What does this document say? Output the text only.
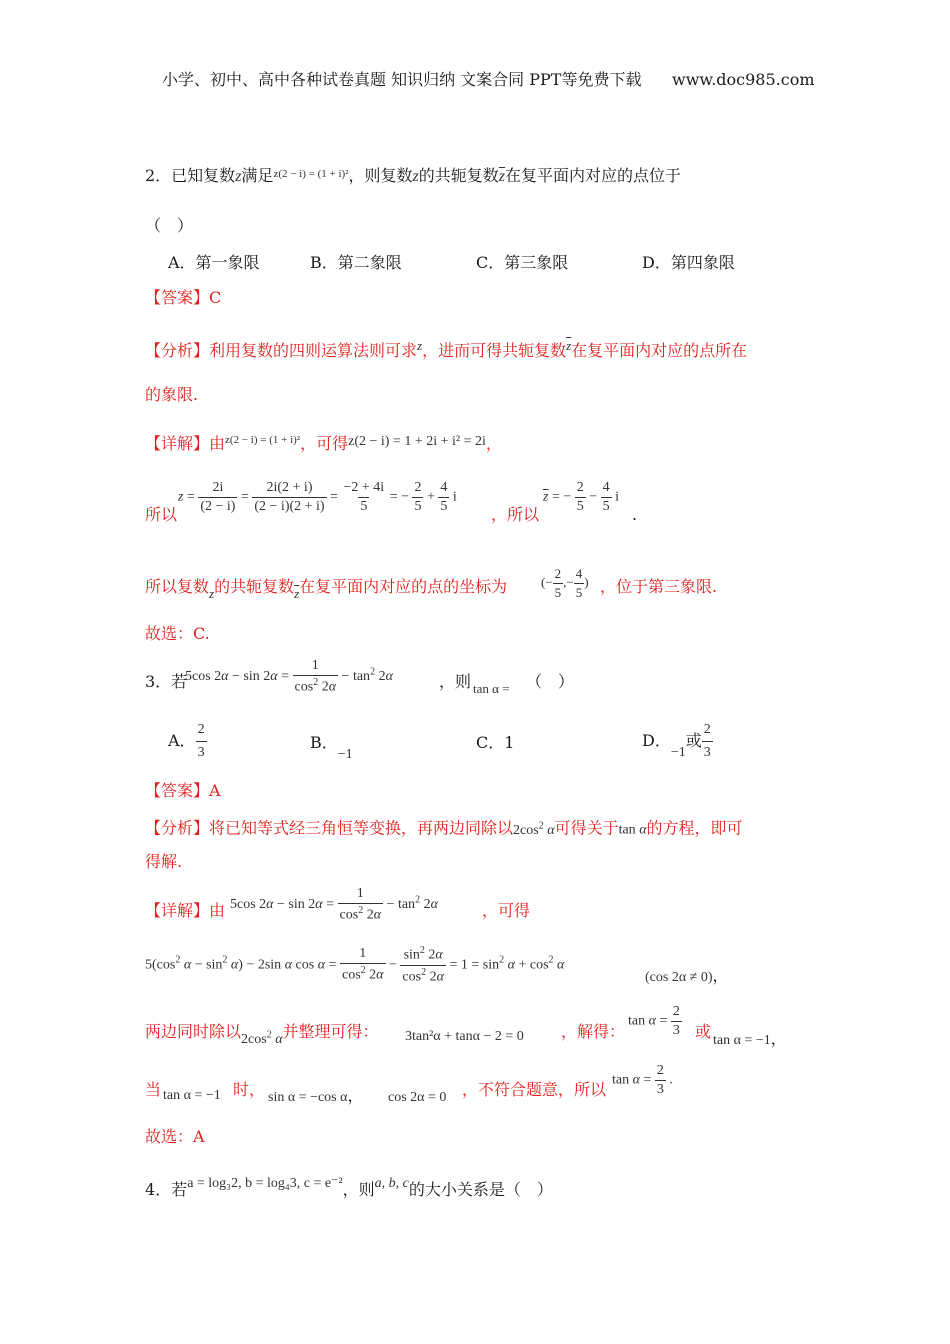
小学、初中、高中各种试卷真题 知识归纳 文案合同 PPT等免费下载 www.doc985.com
2．已知复数z满足$^{z(2 - i) = (1 + i)^2}$，则复数z的共轭复数$\overline{z}$在复平面内对应的点位于
（　）
A．第一象限	B．第二象限	C．第三象限	D．第四象限
【答案】C
【分析】利用复数的四则运算法则可求$^z$，进而可得共轭复数$^{\overline{z}}$在复平面内对应的点所在
的象限.
【详解】由$^{z(2 - i) = (1 + i)^2}$，可得z(2 − i) = 1 + 2i + i² = 2i，
所以
$z = \frac{2i}{(2 - i)} = \frac{2i(2 + i)}{(2 - i)(2 + i)} = \frac{-2 + 4i}{5}$ = − $\frac{2}{5} + \frac{4}{5}$ i
，所以
$\overline{z}$ = − $\frac{2}{5} - \frac{4}{5}$ i
.
所以复数$_z$的共轭复数$_{\overline{z}}$在复平面内对应的点的坐标为	(− $\frac{2}{5}$ ,− $\frac{4}{5}$ ) ，位于第三象限.
故选：C.
3．若
5cos $2\alpha - \sin 2\alpha = \frac{1}{\cos^2 2\alpha} - \tan^2 2\alpha$	，则 tan α = （　）
A． $\frac{2}{3}$	B．−1
C．1	D．−1或 $\frac{2}{3}$
【答案】A
【分析】将已知等式经三角恒等变换，再两边同除以$2\cos^2$ α可得关于tan α的方程，即可
得解.
【详解】由 5cos $2\alpha - \sin 2\alpha = \frac{1}{\cos^2 2\alpha} - \tan^2 2\alpha$	，可得
$5(\cos^2$ $\alpha - \sin^2 \alpha) - 2\sin$ α $\cos \alpha = \frac{1}{\cos^2 2\alpha} - \frac{\sin^2 2\alpha}{\cos^2 2\alpha} = 1 = \sin^2 \alpha + \cos^2 \alpha$
(cos 2α ≠ 0)，
两边同时除以$2\cos^2$ α并整理可得： 3tan²α + tanα − 2 = 0 ，解得：
$\tan \alpha = \frac{2}{3}$ 或 tan α = −1，
当 tan α = −1 时， sin α = −cos α， cos 2α = 0 ，不符合题意，所以 $\tan \alpha = \frac{2}{3}$ .
故选：A
4．若a = log₃2, b = log₄3, c = e⁻²，则a, b, c的大小关系是（　）
